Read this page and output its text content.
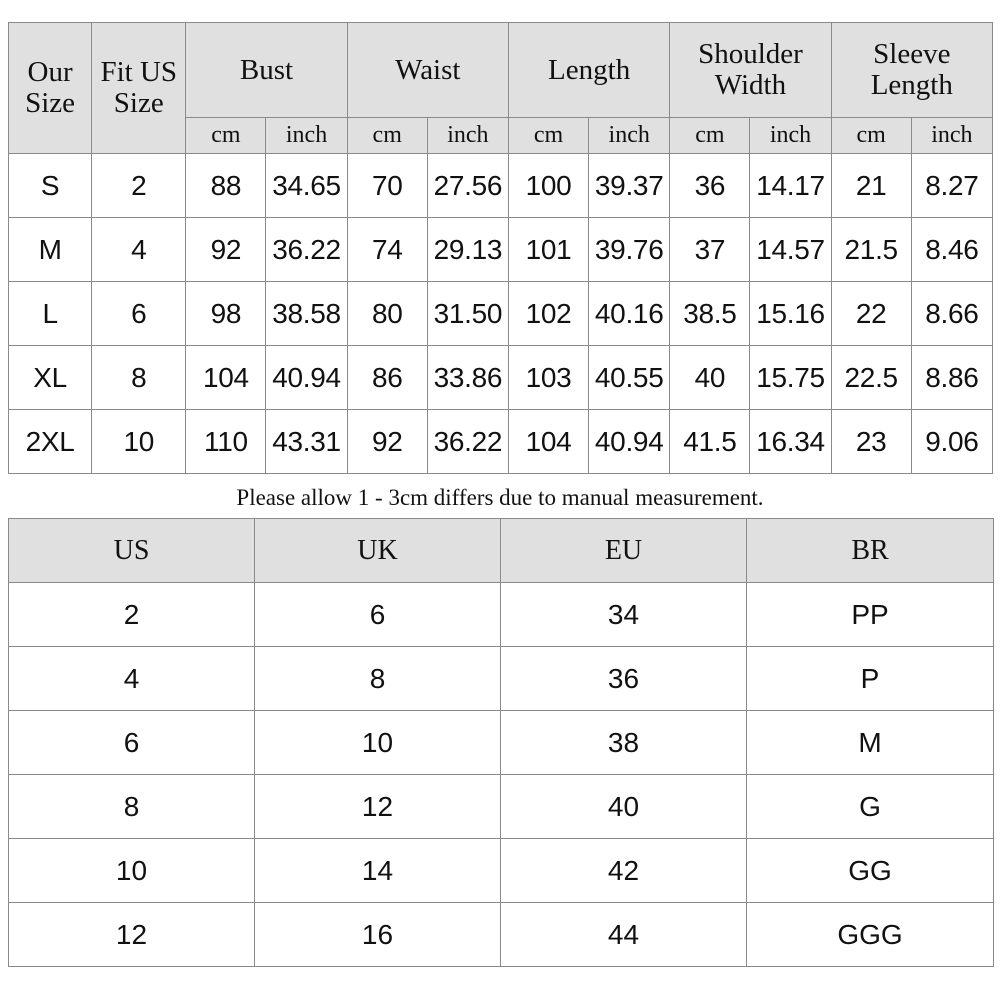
Our Size	Fit US Size	Bust		Waist		Length		Shoulder Width		Sleeve Length	
		cm	inch	cm	inch	cm	inch	cm	inch	cm	inch
S	2	88	34.65	70	27.56	100	39.37	36	14.17	21	8.27
M	4	92	36.22	74	29.13	101	39.76	37	14.57	21.5	8.46
L	6	98	38.58	80	31.50	102	40.16	38.5	15.16	22	8.66
XL	8	104	40.94	86	33.86	103	40.55	40	15.75	22.5	8.86
2XL	10	110	43.31	92	36.22	104	40.94	41.5	16.34	23	9.06
Please allow 1 - 3cm differs due to manual measurement.
US	UK	EU	BR
2	6	34	PP
4	8	36	P
6	10	38	M
8	12	40	G
10	14	42	GG
12	16	44	GGG
